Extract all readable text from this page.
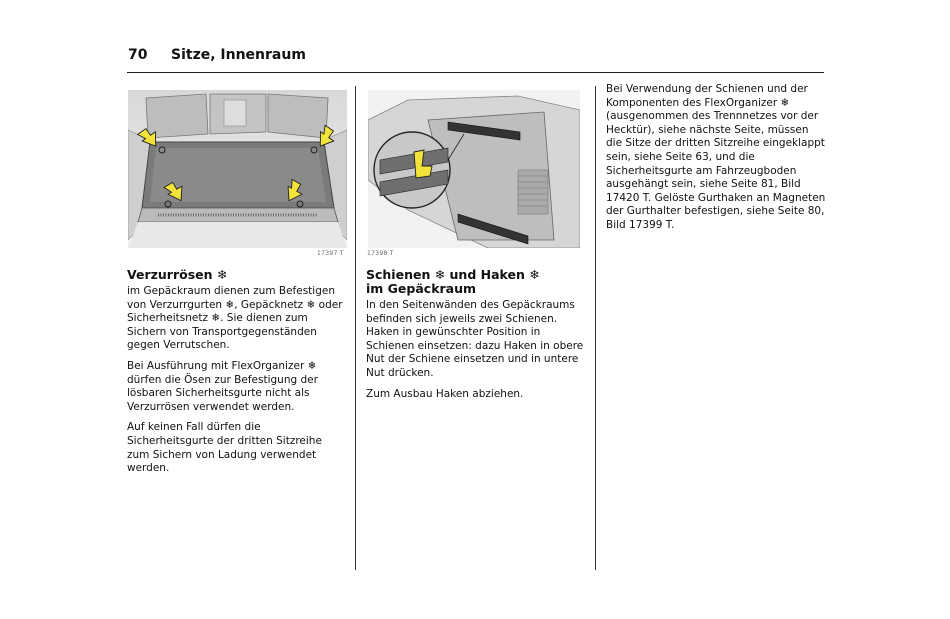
70 Sitze, Innenraum
17397 T	17398 T
Verzurrösen ❄

im Gepäckraum dienen zum Befestigen von Verzurrgurten ❄, Gepäcknetz ❄ oder Sicherheitsnetz ❄. Sie dienen zum Sichern von Transportgegenständen gegen Verrutschen.

Bei Ausführung mit FlexOrganizer ❄ dürfen die Ösen zur Befestigung der lösbaren Sicherheitsgurte nicht als Verzurrösen verwendet werden.

Auf keinen Fall dürfen die Sicherheitsgurte der dritten Sitzreihe zum Sichern von Ladung verwendet werden.

Schienen ❄ und Haken ❄
im Gepäckraum

In den Seitenwänden des Gepäckraums befinden sich jeweils zwei Schienen. Haken in gewünschter Position in Schienen einsetzen: dazu Haken in obere Nut der Schiene einsetzen und in untere Nut drücken.

Zum Ausbau Haken abziehen.

Bei Verwendung der Schienen und der Komponenten des FlexOrganizer ❄ (ausgenommen des Trennnetzes vor der Hecktür), siehe nächste Seite, müssen die Sitze der dritten Sitzreihe eingeklappt sein, siehe Seite 63, und die Sicherheitsgurte am Fahrzeugboden ausgehängt sein, siehe Seite 81, Bild 17420 T. Gelöste Gurthaken an Magneten der Gurthalter befestigen, siehe Seite 80, Bild 17399 T.
